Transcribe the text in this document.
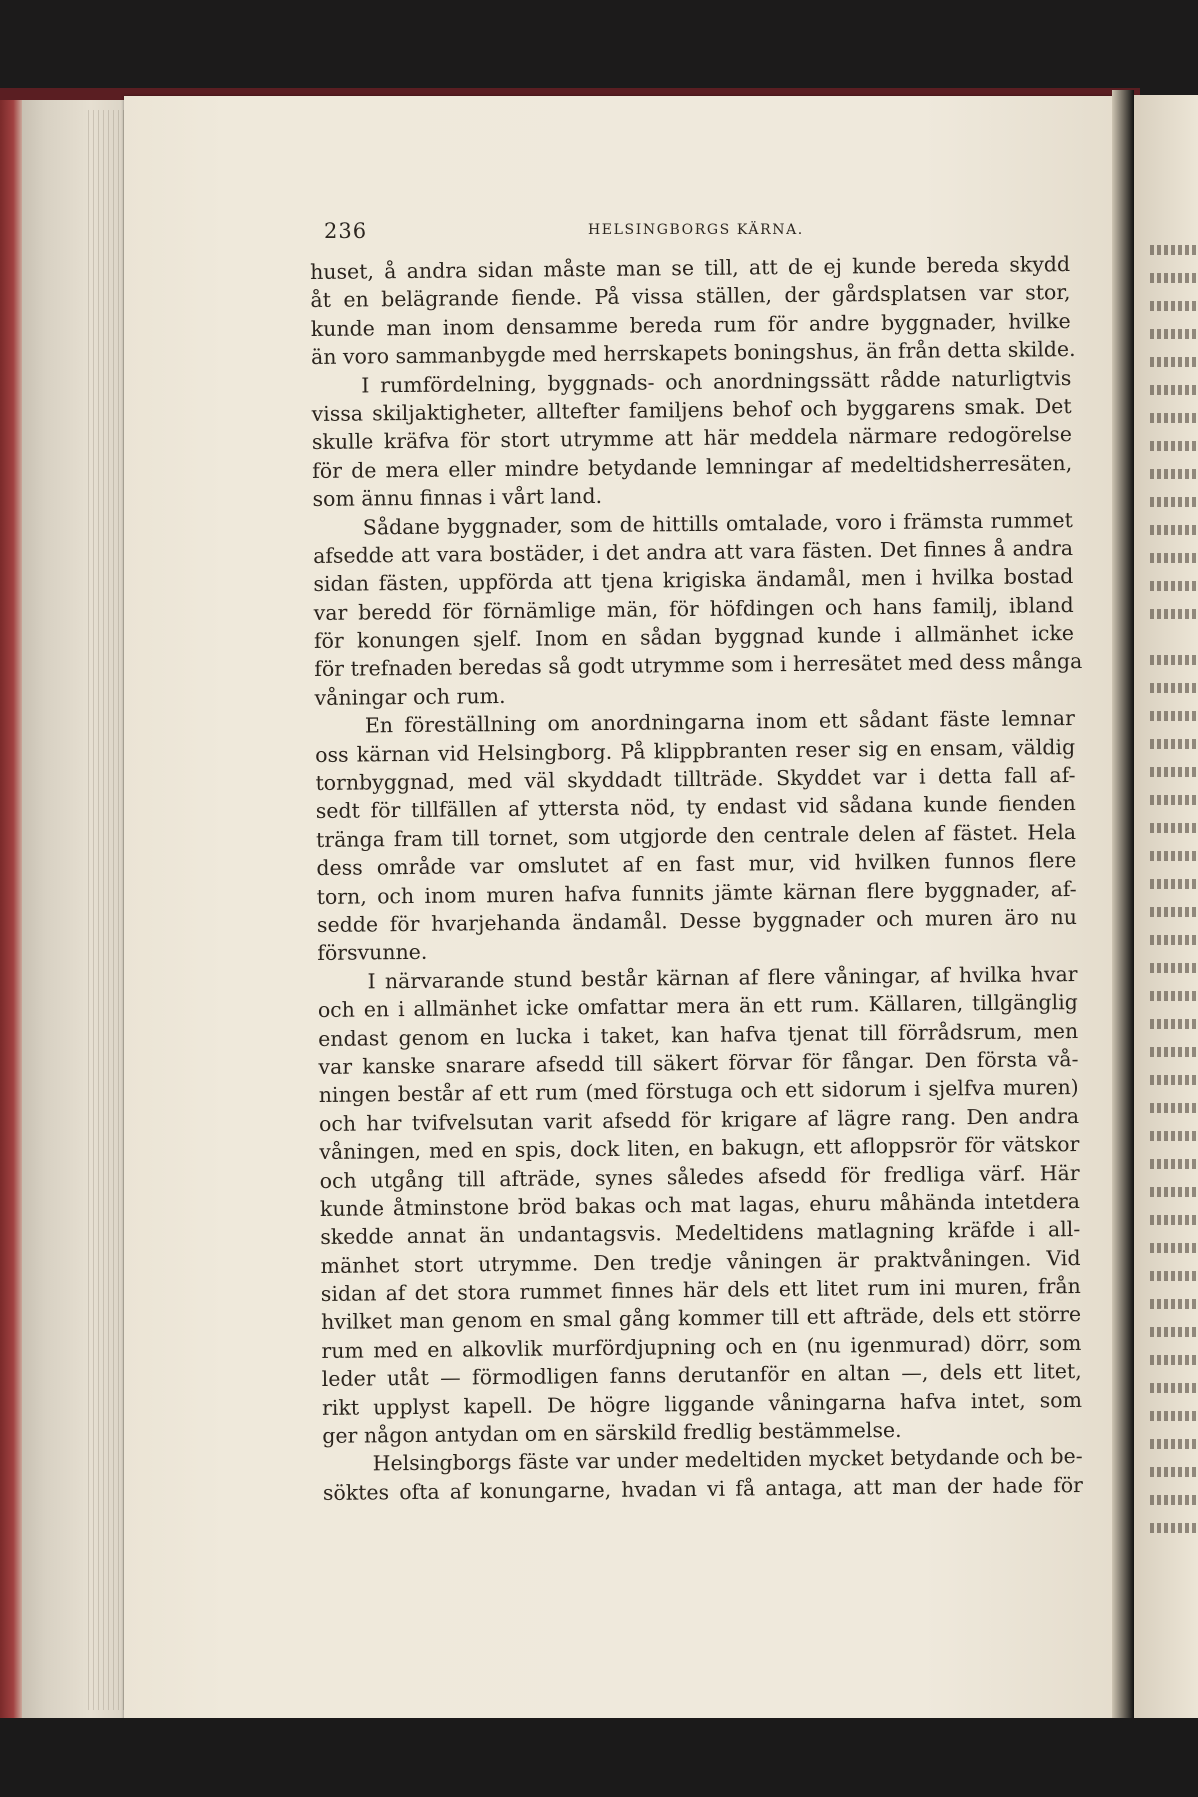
236	HELSINGBORGS KÄRNA.
huset, å andra sidan måste man se till, att de ej kunde bereda skydd
åt en belägrande fiende. På vissa ställen, der gårdsplatsen var stor,
kunde man inom densamme bereda rum för andre byggnader, hvilke
än voro sammanbygde med herrskapets boningshus, än från detta skilde.
I rumfördelning, byggnads- och anordningssätt rådde naturligtvis
vissa skiljaktigheter, alltefter familjens behof och byggarens smak. Det
skulle kräfva för stort utrymme att här meddela närmare redogörelse
för de mera eller mindre betydande lemningar af medeltidsherresäten,
som ännu finnas i vårt land.
Sådane byggnader, som de hittills omtalade, voro i främsta rummet
afsedde att vara bostäder, i det andra att vara fästen. Det finnes å andra
sidan fästen, uppförda att tjena krigiska ändamål, men i hvilka bostad
var beredd för förnämlige män, för höfdingen och hans familj, ibland
för konungen sjelf. Inom en sådan byggnad kunde i allmänhet icke
för trefnaden beredas så godt utrymme som i herresätet med dess många
våningar och rum.
En föreställning om anordningarna inom ett sådant fäste lemnar
oss kärnan vid Helsingborg. På klippbranten reser sig en ensam, väldig
tornbyggnad, med väl skyddadt tillträde. Skyddet var i detta fall af-
sedt för tillfällen af yttersta nöd, ty endast vid sådana kunde fienden
tränga fram till tornet, som utgjorde den centrale delen af fästet. Hela
dess område var omslutet af en fast mur, vid hvilken funnos flere
torn, och inom muren hafva funnits jämte kärnan flere byggnader, af-
sedde för hvarjehanda ändamål. Desse byggnader och muren äro nu
försvunne.
I närvarande stund består kärnan af flere våningar, af hvilka hvar
och en i allmänhet icke omfattar mera än ett rum. Källaren, tillgänglig
endast genom en lucka i taket, kan hafva tjenat till förrådsrum, men
var kanske snarare afsedd till säkert förvar för fångar. Den första vå-
ningen består af ett rum (med förstuga och ett sidorum i sjelfva muren)
och har tvifvelsutan varit afsedd för krigare af lägre rang. Den andra
våningen, med en spis, dock liten, en bakugn, ett afloppsrör för vätskor
och utgång till afträde, synes således afsedd för fredliga värf. Här
kunde åtminstone bröd bakas och mat lagas, ehuru måhända intetdera
skedde annat än undantagsvis. Medeltidens matlagning kräfde i all-
mänhet stort utrymme. Den tredje våningen är praktvåningen. Vid
sidan af det stora rummet finnes här dels ett litet rum ini muren, från
hvilket man genom en smal gång kommer till ett afträde, dels ett större
rum med en alkovlik murfördjupning och en (nu igenmurad) dörr, som
leder utåt — förmodligen fanns derutanför en altan —, dels ett litet,
rikt upplyst kapell. De högre liggande våningarna hafva intet, som
ger någon antydan om en särskild fredlig bestämmelse.
Helsingborgs fäste var under medeltiden mycket betydande och be-
söktes ofta af konungarne, hvadan vi få antaga, att man der hade för
